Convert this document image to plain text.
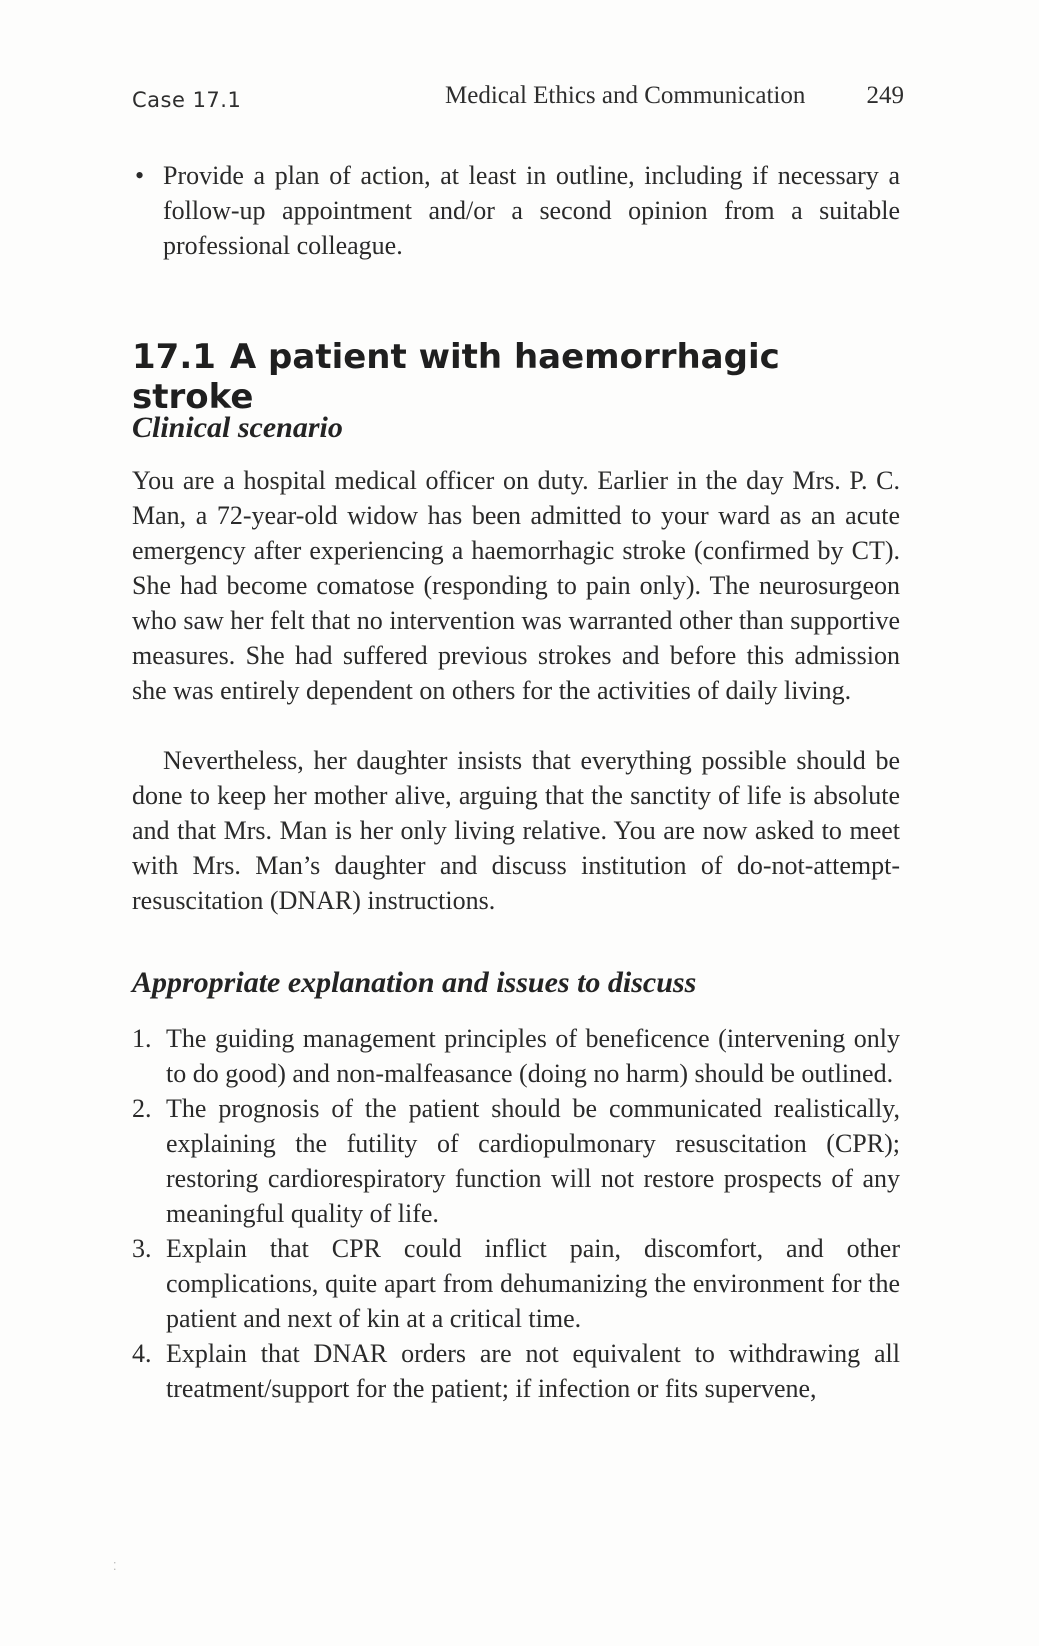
Case 17.1	Medical Ethics and Communication 249
• Provide a plan of action, at least in outline, including if necessary a follow-up appointment and/or a second opinion from a suitable professional colleague.
17.1 A patient with haemorrhagic stroke
Clinical scenario

You are a hospital medical officer on duty. Earlier in the day Mrs. P. C. Man, a 72-year-old widow has been admitted to your ward as an acute emergency after experiencing a haemorrhagic stroke (confirmed by CT). She had become comatose (responding to pain only). The neurosurgeon who saw her felt that no intervention was warranted other than supportive measures. She had suffered previous strokes and before this admission she was entirely dependent on others for the activities of daily living.

Nevertheless, her daughter insists that everything possible should be done to keep her mother alive, arguing that the sanctity of life is absolute and that Mrs. Man is her only living relative. You are now asked to meet with Mrs. Man’s daughter and discuss institution of do-not-attempt-resuscitation (DNAR) instructions.

Appropriate explanation and issues to discuss
1. The guiding management principles of beneficence (intervening only to do good) and non-malfeasance (doing no harm) should be outlined.
2. The prognosis of the patient should be communicated realistically, explaining the futility of cardiopulmonary resuscitation (CPR); restoring cardiorespiratory function will not restore prospects of any meaningful quality of life.
3. Explain that CPR could inflict pain, discomfort, and other complications, quite apart from dehumanizing the environment for the patient and next of kin at a critical time.
4. Explain that DNAR orders are not equivalent to withdrawing all treatment/support for the patient; if infection or fits supervene,
⁚
